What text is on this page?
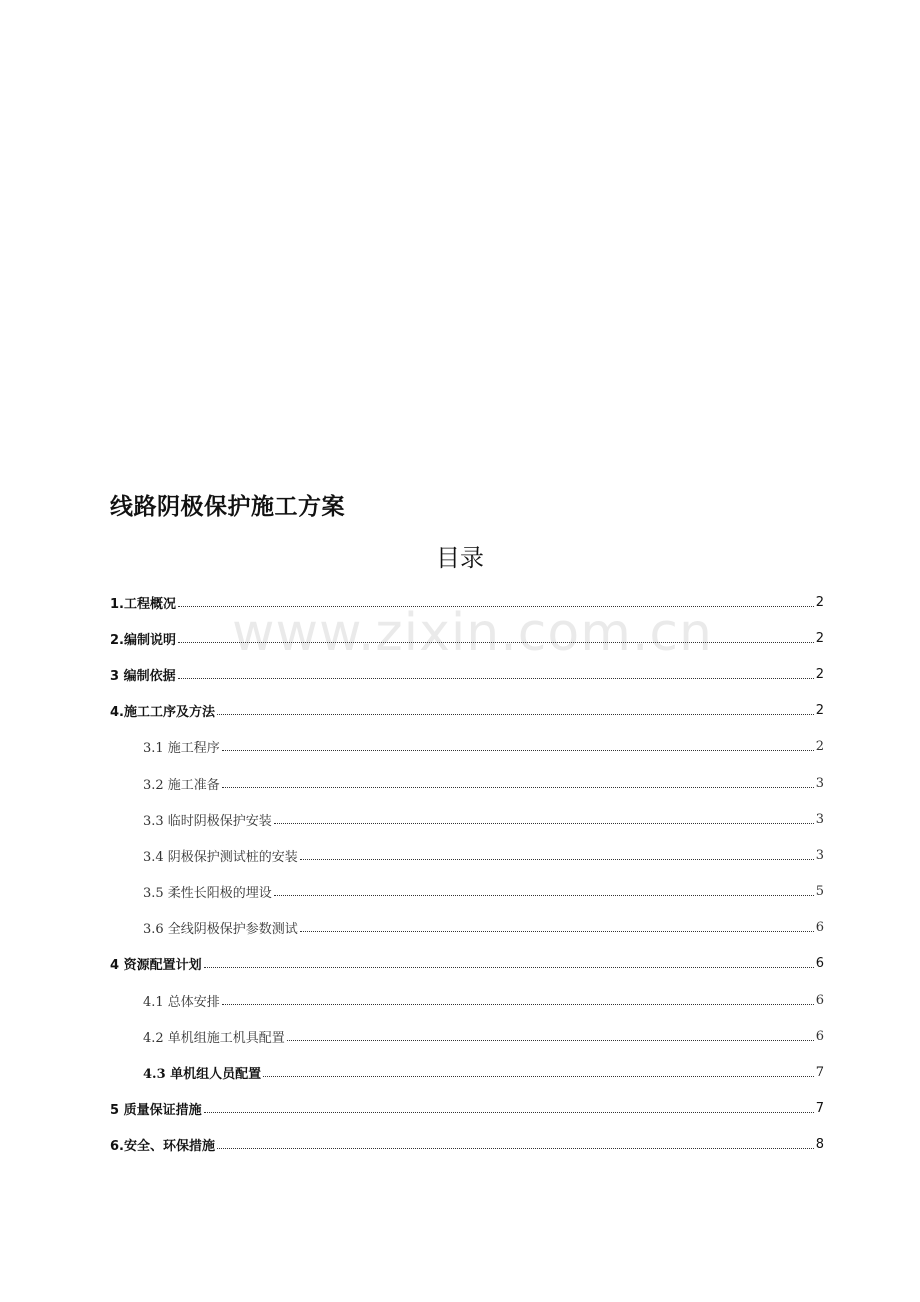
线路阴极保护施工方案
目录
www.zixin.com.cn
1.工程概况	2
2.编制说明	2
3 编制依据	2
4.施工工序及方法	2
3.1 施工程序	2
3.2 施工准备	3
3.3 临时阴极保护安装	3
3.4 阴极保护测试桩的安装	3
3.5 柔性长阳极的埋设	5
3.6 全线阴极保护参数测试	6
4 资源配置计划	6
4.1 总体安排	6
4.2 单机组施工机具配置	6
4.3 单机组人员配置	7
5 质量保证措施	7
6.安全、环保措施	8
